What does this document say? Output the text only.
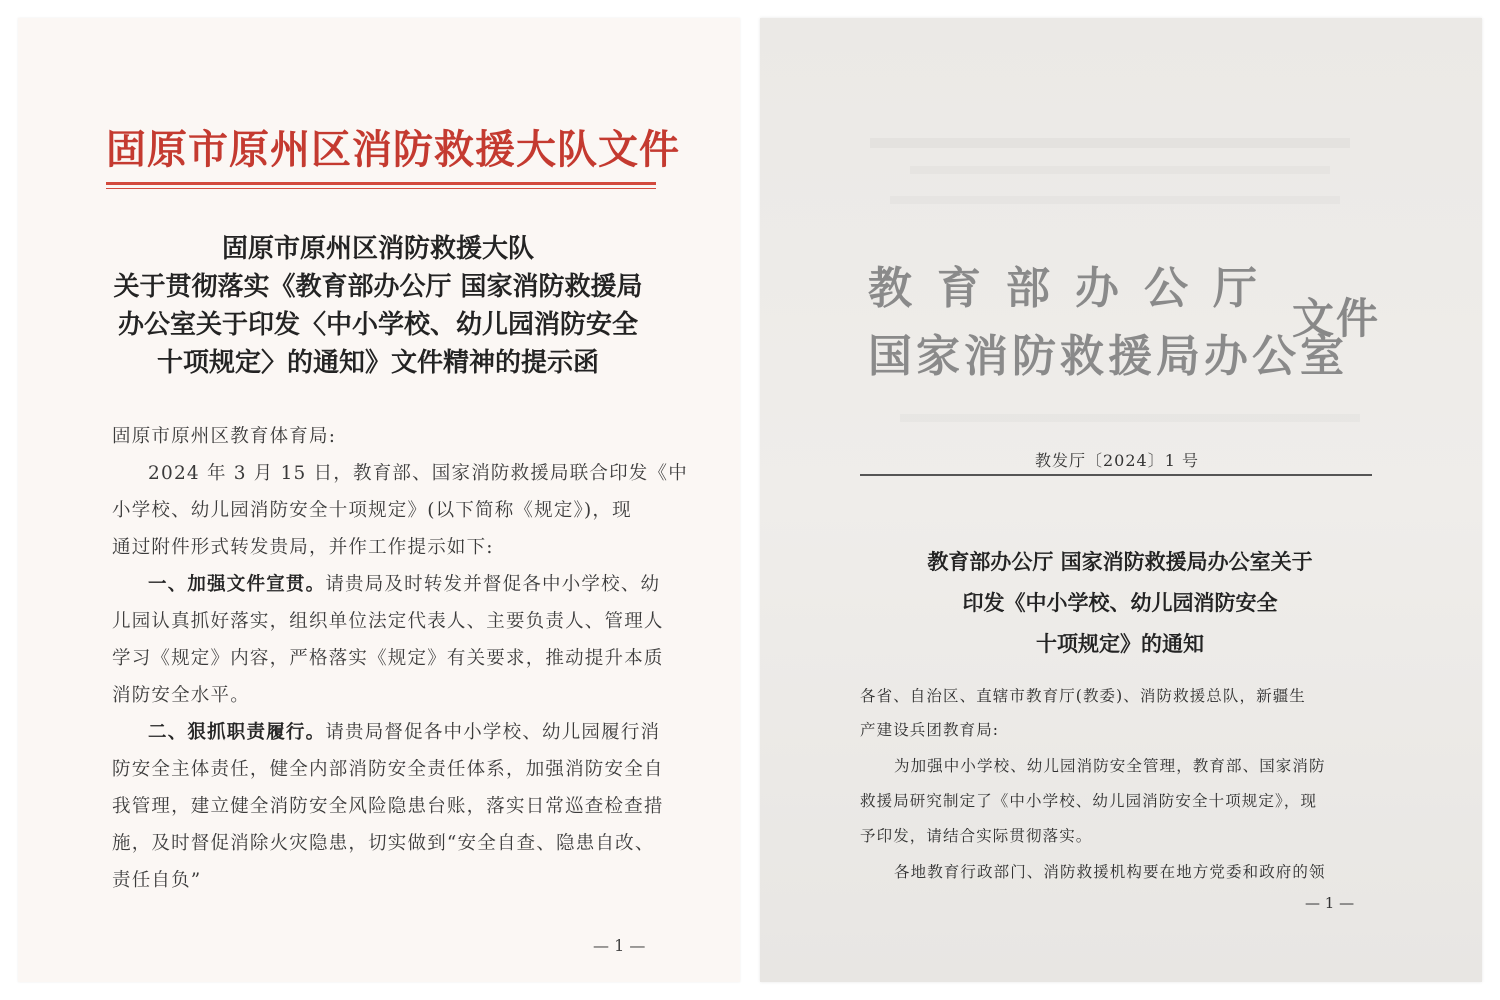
固原市原州区消防救援大队文件
固原市原州区消防救援大队
关于贯彻落实《教育部办公厅 国家消防救援局
办公室关于印发〈中小学校、幼儿园消防安全
十项规定〉的通知》文件精神的提示函
固原市原州区教育体育局:
2024 年 3 月 15 日，教育部、国家消防救援局联合印发《中
小学校、幼儿园消防安全十项规定》(以下简称《规定》)，现
通过附件形式转发贵局，并作工作提示如下:
一、加强文件宣贯。请贵局及时转发并督促各中小学校、幼
儿园认真抓好落实，组织单位法定代表人、主要负责人、管理人
学习《规定》内容，严格落实《规定》有关要求，推动提升本质
消防安全水平。
二、狠抓职责履行。请贵局督促各中小学校、幼儿园履行消
防安全主体责任，健全内部消防安全责任体系，加强消防安全自
我管理，建立健全消防安全风险隐患台账，落实日常巡查检查措
施，及时督促消除火灾隐患，切实做到“安全自查、隐患自改、
责任自负”
— 1 —
教育部办公厅
国家消防救援局办公室
文件
教发厅〔2024〕1 号
教育部办公厅 国家消防救援局办公室关于
印发《中小学校、幼儿园消防安全
十项规定》的通知
各省、自治区、直辖市教育厅(教委)、消防救援总队，新疆生
产建设兵团教育局:
为加强中小学校、幼儿园消防安全管理，教育部、国家消防
救援局研究制定了《中小学校、幼儿园消防安全十项规定》，现
予印发，请结合实际贯彻落实。
各地教育行政部门、消防救援机构要在地方党委和政府的领
— 1 —
